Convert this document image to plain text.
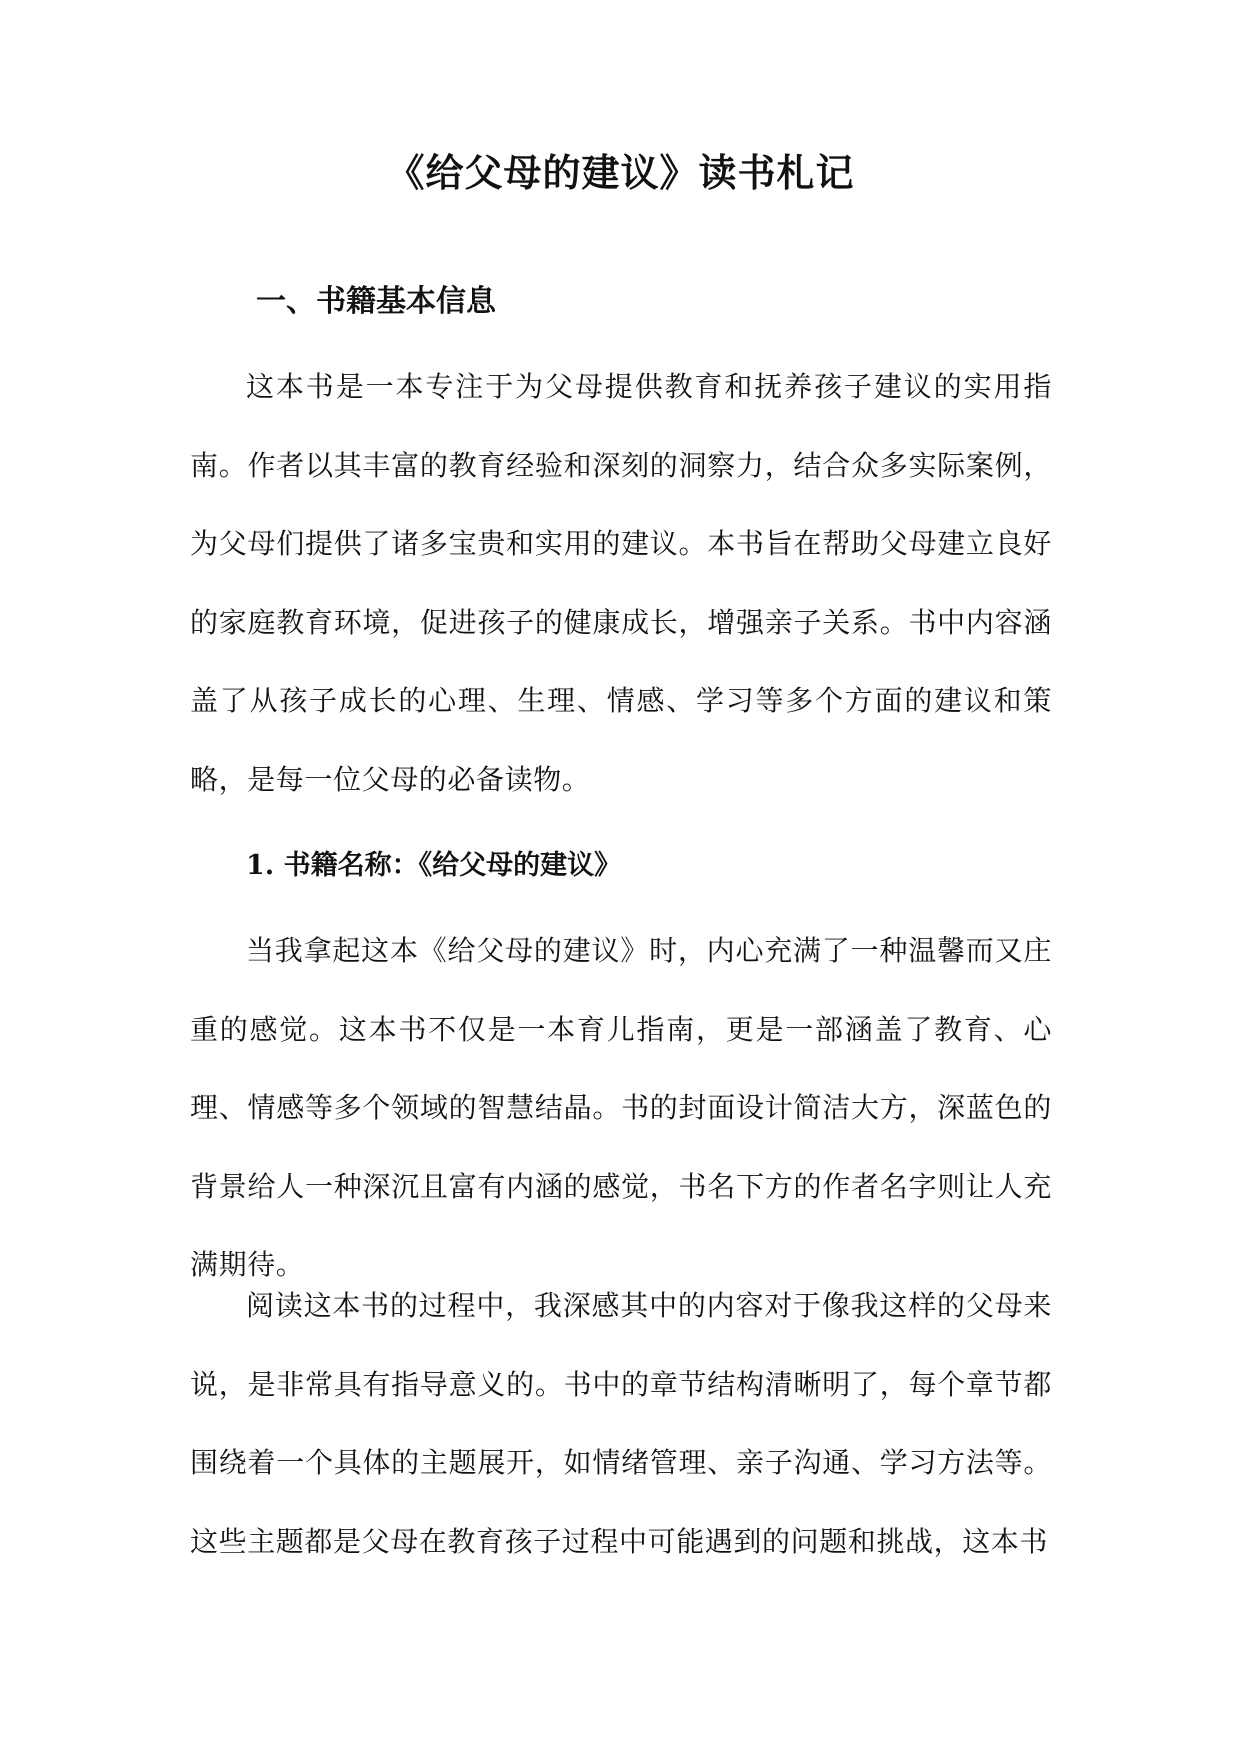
《给父母的建议》读书札记
一、书籍基本信息

这本书是一本专注于为父母提供教育和抚养孩子建议的实用指南。作者以其丰富的教育经验和深刻的洞察力，结合众多实际案例，为父母们提供了诸多宝贵和实用的建议。本书旨在帮助父母建立良好的家庭教育环境，促进孩子的健康成长，增强亲子关系。书中内容涵盖了从孩子成长的心理、生理、情感、学习等多个方面的建议和策略，是每一位父母的必备读物。

1. 书籍名称：《给父母的建议》

当我拿起这本《给父母的建议》时，内心充满了一种温馨而又庄重的感觉。这本书不仅是一本育儿指南，更是一部涵盖了教育、心理、情感等多个领域的智慧结晶。书的封面设计简洁大方，深蓝色的背景给人一种深沉且富有内涵的感觉，书名下方的作者名字则让人充满期待。

阅读这本书的过程中，我深感其中的内容对于像我这样的父母来说，是非常具有指导意义的。书中的章节结构清晰明了，每个章节都围绕着一个具体的主题展开，如情绪管理、亲子沟通、学习方法等。这些主题都是父母在教育孩子过程中可能遇到的问题和挑战，这本书
